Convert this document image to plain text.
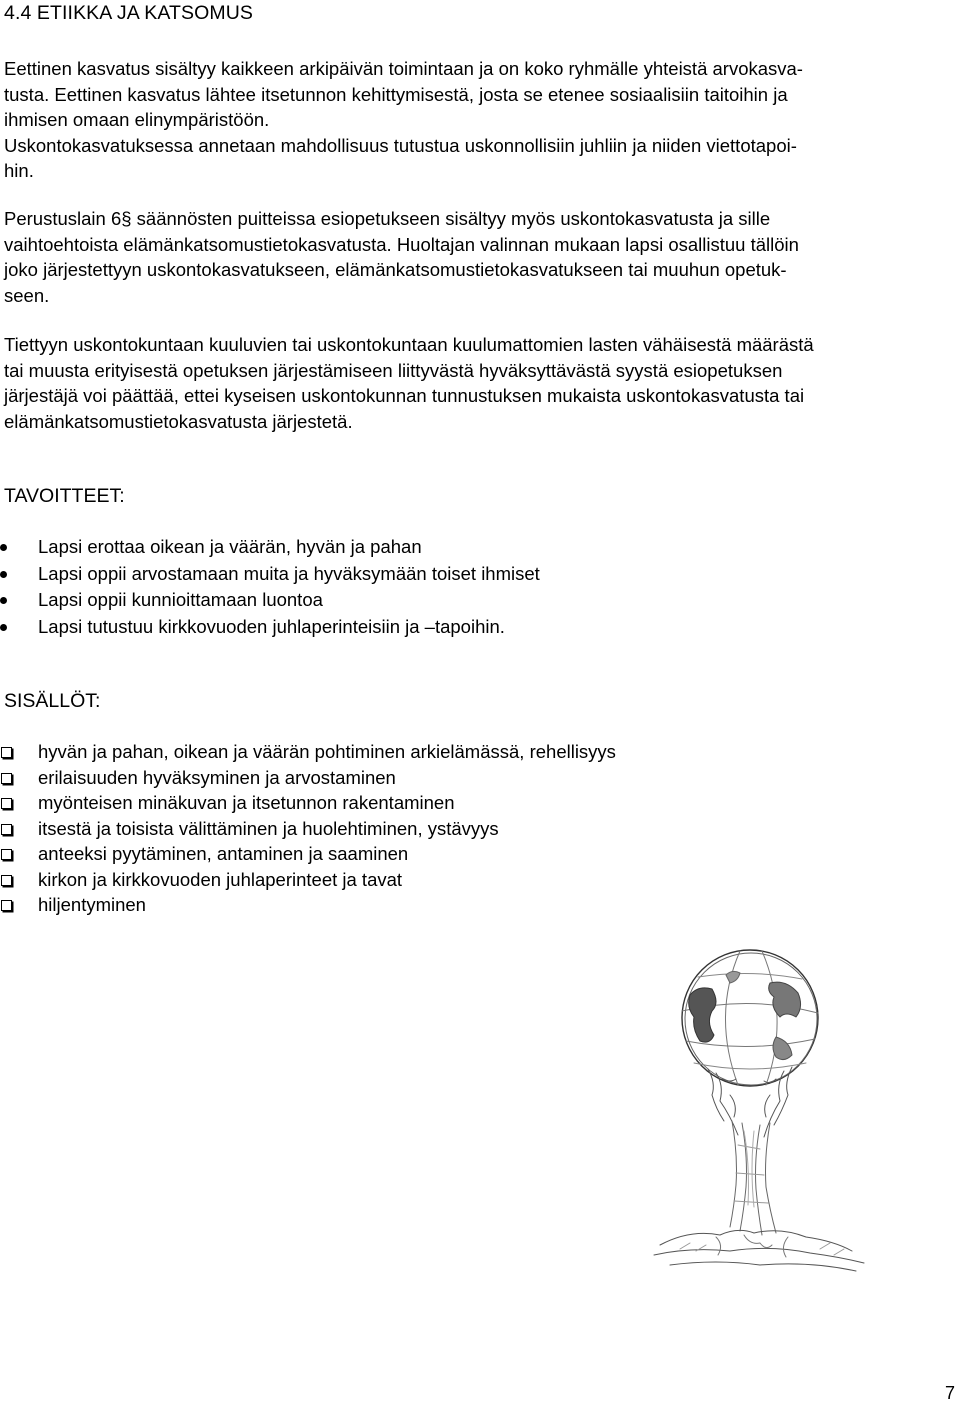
4.4 ETIIKKA JA KATSOMUS
Eettinen kasvatus sisältyy kaikkeen arkipäivän toimintaan ja on koko ryhmälle yhteistä arvokasva-
tusta. Eettinen kasvatus lähtee itsetunnon kehittymisestä, josta se etenee sosiaalisiin taitoihin ja
ihmisen omaan elinympäristöön.
Uskontokasvatuksessa annetaan mahdollisuus tutustua uskonnollisiin juhliin ja niiden viettotapoi-
hin.
Perustuslain 6§ säännösten puitteissa esiopetukseen sisältyy myös uskontokasvatusta ja sille
vaihtoehtoista elämänkatsomustietokasvatusta. Huoltajan valinnan mukaan lapsi osallistuu tällöin
joko järjestettyyn uskontokasvatukseen, elämänkatsomustietokasvatukseen tai muuhun opetuk-
seen.
Tiettyyn uskontokuntaan kuuluvien tai uskontokuntaan kuulumattomien lasten vähäisestä määrästä
tai muusta erityisestä opetuksen järjestämiseen liittyvästä hyväksyttävästä syystä esiopetuksen
järjestäjä voi päättää, ettei kyseisen uskontokunnan tunnustuksen mukaista uskontokasvatusta tai
elämänkatsomustietokasvatusta järjestetä.
TAVOITTEET:
Lapsi erottaa oikean ja väärän, hyvän ja pahan
Lapsi oppii arvostamaan muita ja hyväksymään toiset ihmiset
Lapsi oppii kunnioittamaan luontoa
Lapsi tutustuu kirkkovuoden juhlaperinteisiin ja –tapoihin.
SISÄLLÖT:
hyvän ja pahan, oikean ja väärän pohtiminen arkielämässä, rehellisyys
erilaisuuden hyväksyminen ja arvostaminen
myönteisen minäkuvan ja itsetunnon rakentaminen
itsestä ja toisista välittäminen ja huolehtiminen, ystävyys
anteeksi pyytäminen, antaminen ja saaminen
kirkon ja kirkkovuoden juhlaperinteet ja tavat
hiljentyminen
7
